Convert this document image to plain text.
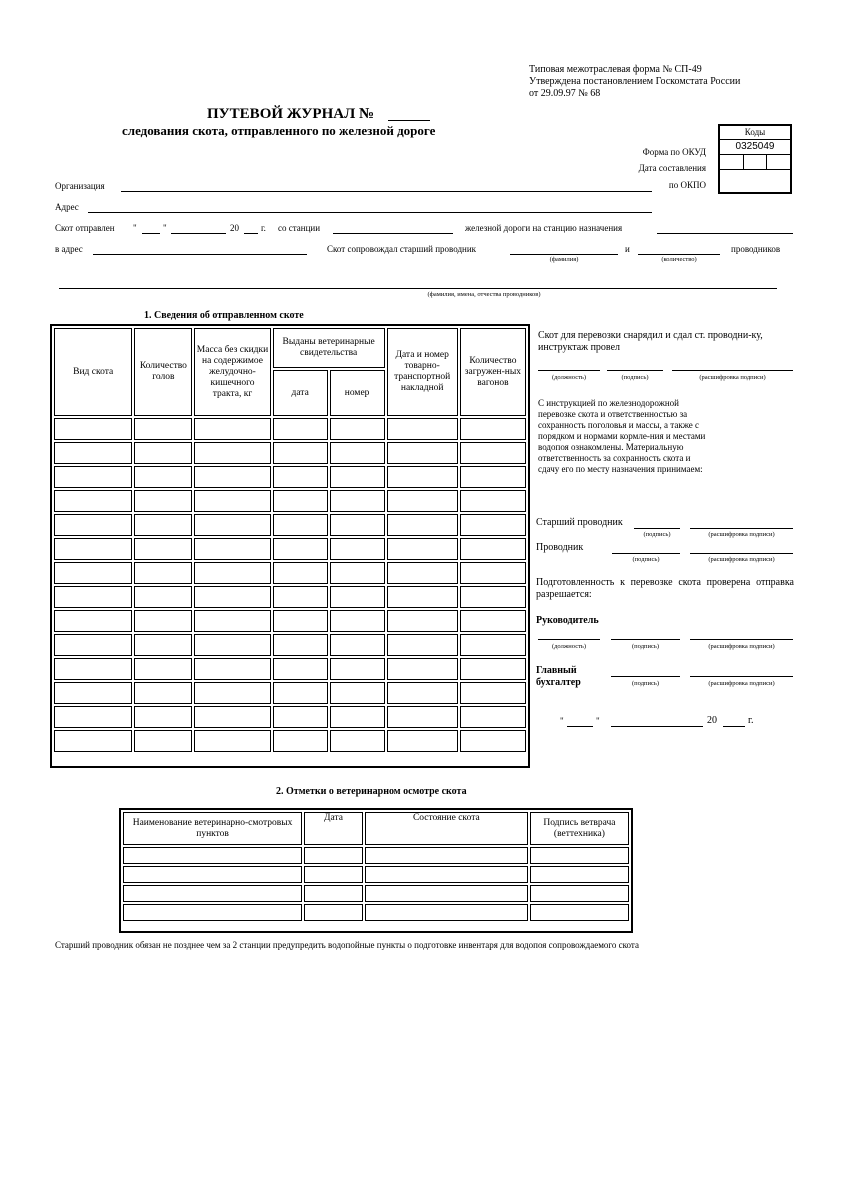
Типовая межотраслевая форма № СП-49
Утверждена постановлением Госкомстата России
от 29.09.97 № 68
ПУТЕВОЙ ЖУРНАЛ №
следования скота, отправленного по железной дороге	Коды
0325049
Форма по ОКУД
Дата составления
по ОКПО
Организация
Адрес
Скот отправлен "	"	20 г. со станции	железной дороги на станцию назначения
в адрес	Скот сопровождал старший проводник	и	проводников
(фамилия)	(количество)
(фамилия, имена, отчества проводников)
1. Сведения об отправленном скоте
Вид скота	Количество голов	Масса без скидки на содержимое желудочно-кишечного тракта, кг	Выданы ветеринарные свидетельства		Дата и номер товарно-транспортной накладной	Количество загружен-ных вагонов
			дата	номер		

Скот для перевозки снарядил и сдал ст. проводни-ку, инструктаж провел
(должность)	(подпись)	(расшифровка подписи)
С инструкцией по железнодорожной перевозке скота и ответственностью за сохранность поголовья и массы, а также с порядком и нормами кормле-ния и местами водопоя ознакомлены. Материальную ответственность за сохранность скота и сдачу его по месту назначения принимаем:
Старший проводник
(подпись)	(расшифровка подписи)
Проводник
(подпись)	(расшифровка подписи)
Подготовленность к перевозке скота проверена отправка разрешается:
Руководитель
(должность)	(подпись)	(расшифровка подписи)
Главный
бухгалтер	(подпись)	(расшифровка подписи)
"	"	20	г.
2. Отметки о ветеринарном осмотре скота
Наименование ветеринарно-смотровых пунктов	Дата	Состояние скота	Подпись ветврача (веттехника)

Старший проводник обязан не позднее чем за 2 станции предупредить водопойные пункты о подготовке инвентаря для водопоя сопровождаемого скота
